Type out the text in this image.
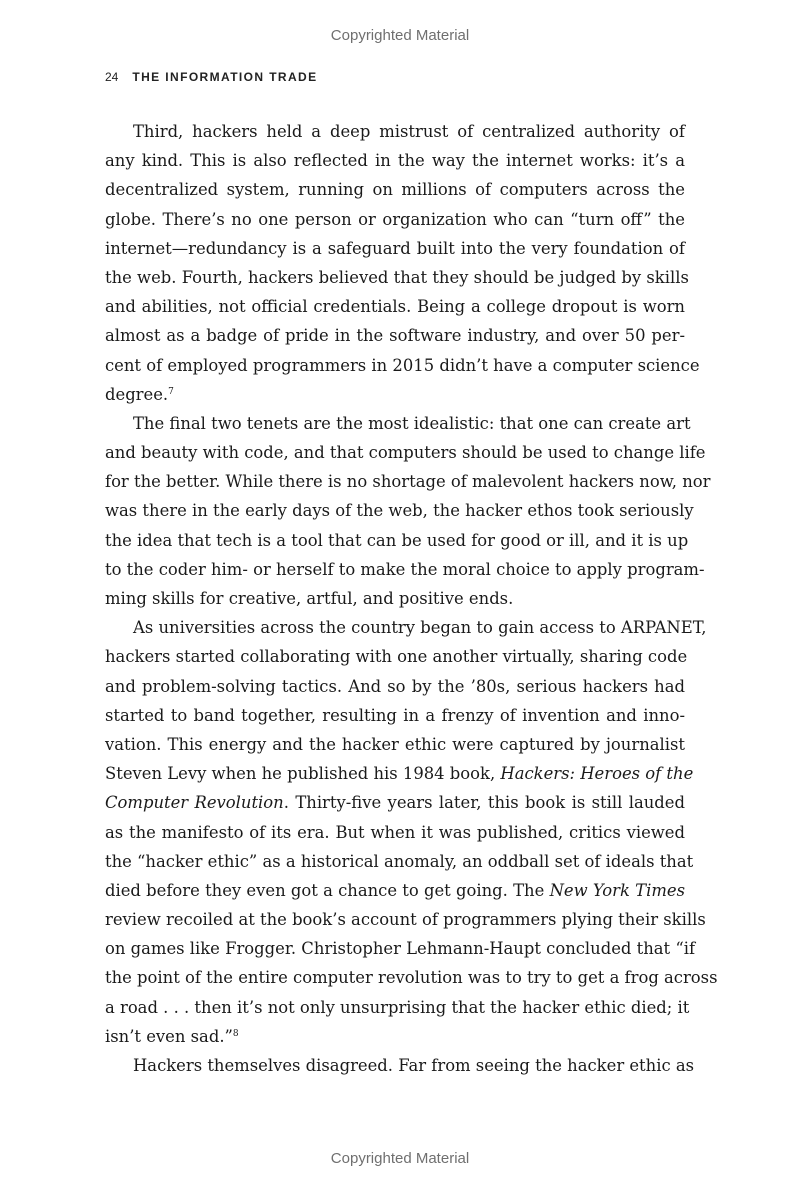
Copyrighted Material
24 THE INFORMATION TRADE
Third, hackers held a deep mistrust of centralized authority of
any kind. This is also reflected in the way the internet works: it’s a
decentralized system, running on millions of computers across the
globe. There’s no one person or organization who can “turn off” the
internet—redundancy is a safeguard built into the very foundation of
the web. Fourth, hackers believed that they should be judged by skills
and abilities, not official credentials. Being a college dropout is worn
almost as a badge of pride in the software industry, and over 50 per-
cent of employed programmers in 2015 didn’t have a computer science
degree.$^7$
The final two tenets are the most idealistic: that one can create art
and beauty with code, and that computers should be used to change life
for the better. While there is no shortage of malevolent hackers now, nor
was there in the early days of the web, the hacker ethos took seriously
the idea that tech is a tool that can be used for good or ill, and it is up
to the coder him- or herself to make the moral choice to apply program-
ming skills for creative, artful, and positive ends.
As universities across the country began to gain access to ARPANET,
hackers started collaborating with one another virtually, sharing code
and problem-solving tactics. And so by the ’80s, serious hackers had
started to band together, resulting in a frenzy of invention and inno-
vation. This energy and the hacker ethic were captured by journalist
Steven Levy when he published his 1984 book, Hackers: Heroes of the
Computer Revolution. Thirty-five years later, this book is still lauded
as the manifesto of its era. But when it was published, critics viewed
the “hacker ethic” as a historical anomaly, an oddball set of ideals that
died before they even got a chance to get going. The New York Times
review recoiled at the book’s account of programmers plying their skills
on games like Frogger. Christopher Lehmann-Haupt concluded that “if
the point of the entire computer revolution was to try to get a frog across
a road . . . then it’s not only unsurprising that the hacker ethic died; it
isn’t even sad.”$^8$
Hackers themselves disagreed. Far from seeing the hacker ethic as
Copyrighted Material
